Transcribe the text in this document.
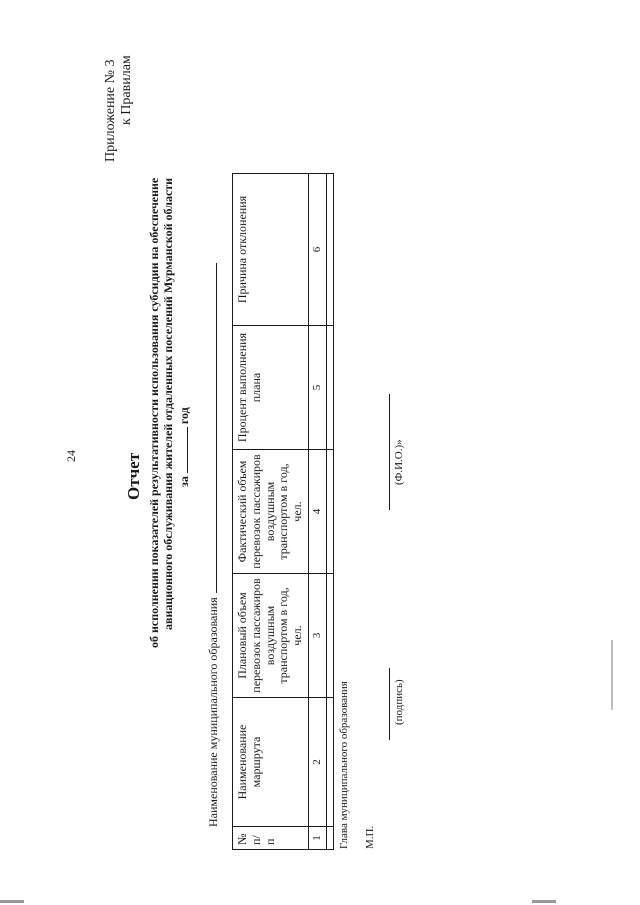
24
Приложение № 3 к Правилам
Отчет об исполнении показателей результативности использования субсидии на обеспечение авиационного обслуживания жителей отдаленных поселений Мурманской области загод
Наименование муниципального образования
№ п/п	Наименование маршрута	Плановый объем перевозок пассажиров воздушным транспортом в год, чел.	Фактический объем перевозок пассажиров воздушным транспортом в год, чел.	Процент выполнения плана	Причина отклонения
1	2	3	4	5	6

Глава муниципального образования М.П.
(подпись)
(Ф.И.О.)»
